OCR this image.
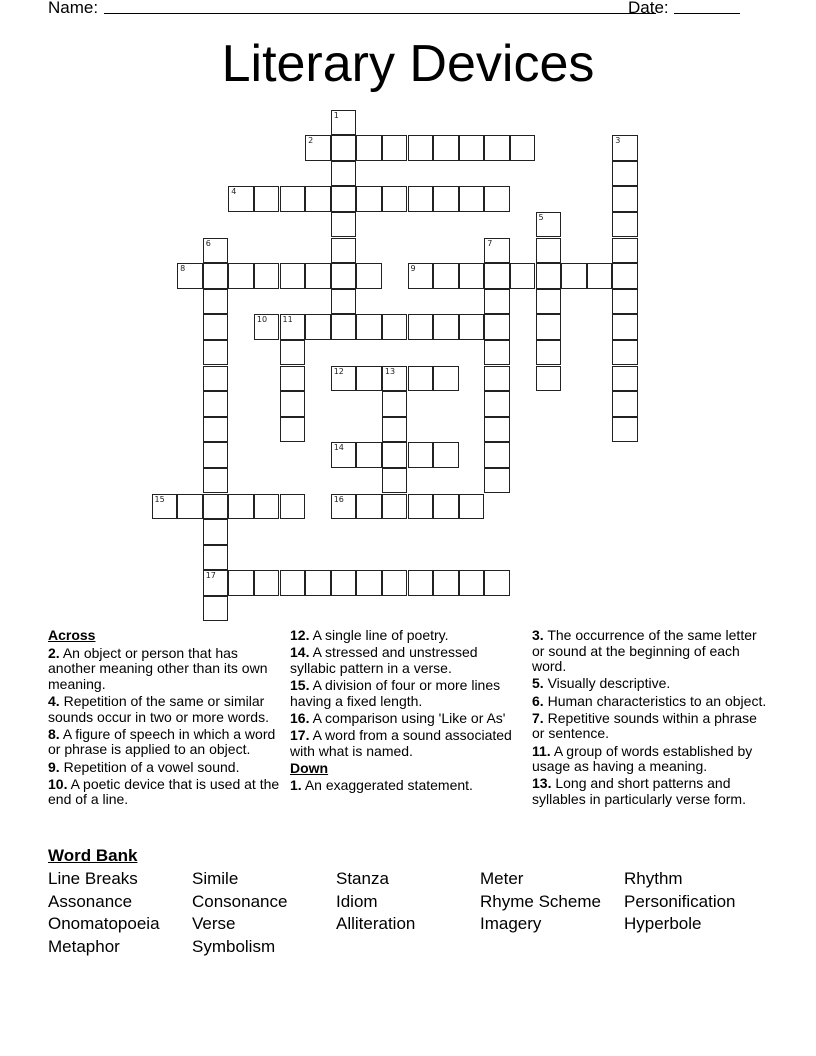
Name:	Date:
Literary Devices
1
2	3
4
5
6
17
7
8	9
10 11
12	13
14
15	16
Across
2. An object or person that has another meaning other than its own meaning.
4. Repetition of the same or similar sounds occur in two or more words.
8. A figure of speech in which a word or phrase is applied to an object.
9. Repetition of a vowel sound.
10. A poetic device that is used at the end of a line.
12. A single line of poetry.
14. A stressed and unstressed syllabic pattern in a verse.
15. A division of four or more lines having a fixed length.
16. A comparison using 'Like or As'
17. A word from a sound associated with what is named.
Down
1. An exaggerated statement.
3. The occurrence of the same letter or sound at the beginning of each word.
5. Visually descriptive.
6. Human characteristics to an object.
7. Repetitive sounds within a phrase or sentence.
11. A group of words established by usage as having a meaning.
13. Long and short patterns and syllables in particularly verse form.
Word Bank
Line Breaks	Simile	Stanza	Meter	Rhythm
Assonance	Consonance	Idiom	Rhyme Scheme	Personification
Onomatopoeia	Verse	Alliteration	Imagery	Hyperbole
Metaphor	Symbolism
